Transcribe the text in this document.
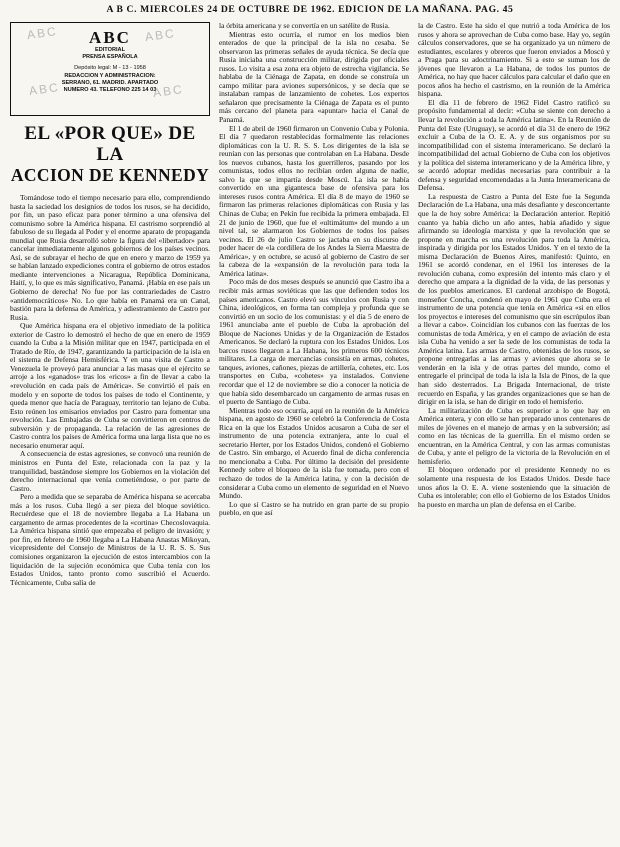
A B C. MIERCOLES 24 DE OCTUBRE DE 1962. EDICION DE LA MAÑANA. PAG. 45
ABC	ABC
ABC	ABC
ABC
EDITORIAL
PRENSA ESPAÑOLA
Depósito legal: M - 13 - 1958
REDACCION Y ADMINISTRACION:
SERRANO, 61. MADRID. APARTADO
NUMERO 43. TELEFONO 225 14 03
EL «POR QUE» DE LA
ACCION DE KENNEDY

Tomándose todo el tiempo necesario para ello, comprendiendo hasta la saciedad los designios de todos los rusos, se ha decidido, por fin, un paso eficaz para poner término a una ofensiva del comunismo sobre la América hispana. El castrismo sorprendió al fabuloso de su llegada al Poder y el enorme aparato de propaganda mundial que Rusia desarrolló sobre la figura del «libertador» para cancelar inmediatamente algunos gobiernos de los países vecinos. Así, se de subrayar el hecho de que en enero y marzo de 1959 ya se habían lanzado expediciones contra el gobierno de otros estados mediante intervenciones a Nicaragua, República Dominicana, Haití, y, lo que es más significativo, Panamá. ¡Había en ese país un Gobierno de derecha! No fue por las contrariedades de Castro «antidemocráticos» No. Lo que había en Panamá era un Canal, bastión para la defensa de América, y adiestramiento de Castro por Rusia.

Que América hispana era el objetivo inmediato de la política exterior de Castro lo demostró el hecho de que en enero de 1959 cuando la Cuba a la Misión militar que en 1947, participada en el Tratado de Río, de 1947, garantizando la participación de la isla en el sistema de Defensa Hemisférica. Y en una visita de Castro a Venezuela le proveyó para anunciar a las masas que el ejército se arroje a los «ganados» tras los «ricos» a fin de llevar a cabo la «revolución en cada país de América». Se convirtió el país en modelo y en soporte de todos los países de todo el Continente, y queda menor que hacía de Paraguay, territorio tan lejano de Cuba. Esto reúnen los emisarios enviados por Castro para fomentar una revolución. Las Embajadas de Cuba se convirtieron en centros de subversión y de propaganda. La relación de las agresiones de Castro contra los países de América forma una larga lista que no es necesario enumerar aquí.

A consecuencia de estas agresiones, se convocó una reunión de ministros en Punta del Este, relacionada con la paz y la tranquilidad, bastándose siempre los Gobiernos en la violación del derecho internacional que venía cometiéndose, o por parte de Castro.

Pero a medida que se separaba de América hispana se acercaba más a los rusos. Cuba llegó a ser pieza del bloque soviético. Recuérdese que el 18 de noviembre llegaba a La Habana un cargamento de armas procedentes de la «cortina» Checoslovaquia. La América hispana sintió que empezaba el peligro de invasión; y por fin, en febrero de 1960 llegaba a La Habana Anastas Mikoyan, vicepresidente del Consejo de Ministros de la U. R. S. S. Sus comisiones organizaron la ejecución de estos intercambios con la liquidación de la sujeción económica que Cuba tenía con los Estados Unidos, tanto pronto como suscribió el Acuerdo. Técnicamente, Cuba salía de

la órbita americana y se convertía en un satélite de Rusia.

Mientras esto ocurría, el rumor en los medios bien enterados de que la principal de la isla no cesaba. Se observaron las primeras señales de ayuda técnica. Se decía que Rusia iniciaba una construcción militar, dirigida por oficiales rusos. Lo visita a esa zona era objeto de estrecha vigilancia. Se hablaba de la Ciénaga de Zapata, en donde se construía un campo militar para aviones supersónicos, y se decía que se instalaban rampas de lanzamiento de cohetes. Los expertos señalaron que precisamente la Ciénaga de Zapata es el punto más cercano del planeta para «apuntar» hacia el Canal de Panamá.

El 1 de abril de 1960 firmaron un Convenio Cuba y Polonia. El día 7 quedaron restablecidas formalmente las relaciones diplomáticas con la U. R. S. S. Los dirigentes de la isla se reunían con las personas que controlaban en La Habana. Desde los nuevos cubanos, hasta los guerrilleros, pasando por los comunistas, todos ellos no recibían orden alguna de nadie, salvo la que se impartía desde Moscú. La isla se había convertido en una gigantesca base de ofensiva para los intereses rusos contra América. El día 8 de mayo de 1960 se firmaron las primeras relaciones diplomáticas con Rusia y las Chinas de Cuba; en Pekín fue recibida la primera embajada. El 21 de junio de 1960, que fue el «ultimátum» del mundo a un nivel tal, se alarmaron los Gobiernos de todos los países vecinos. El 26 de julio Castro se jactaba en su discurso de poder hacer de «la cordillera de los Andes la Sierra Maestra de América», y en octubre, se acusó al gobierno de Castro de ser la cabeza de la «expansión de la revolución para toda la América latina».

Poco más de dos meses después se anunció que Castro iba a recibir más armas soviéticas que las que defienden todos los países americanos. Castro elevó sus vínculos con Rusia y con China, ideológicos, en forma tan compleja y profunda que se convirtió en un socio de los comunistas: y el día 5 de enero de 1961 anunciaba ante el pueblo de Cuba la aprobación del Bloque de Naciones Unidas y de la Organización de Estados Americanos. Se declaró la ruptura con los Estados Unidos. Los barcos rusos llegaron a La Habana, los primeros 600 técnicos militares. La carga de mercancías consistía en armas, cohetes, tanques, aviones, cañones, piezas de artillería, cohetes, etc. Los transportes en Cuba, «cohetes» ya instalados. Conviene recordar que el 12 de noviembre se dio a conocer la noticia de que había sido desembarcado un cargamento de armas rusas en el puerto de Santiago de Cuba.

Mientras todo eso ocurría, aquí en la reunión de la América hispana, en agosto de 1960 se celebró la Conferencia de Costa Rica en la que los Estados Unidos acusaron a Cuba de ser el instrumento de una potencia extranjera, ante lo cual el secretario Herter, por los Estados Unidos, condenó el Gobierno de Castro. Sin embargo, el Acuerdo final de dicha conferencia no mencionaba a Cuba. Por último la decisión del presidente Kennedy sobre el bloqueo de la isla fue tomada, pero con el rechazo de todos de la América latina, y con la decisión de considerar a Cuba como un elemento de seguridad en el Nuevo Mundo.

Lo que sí Castro se ha nutrido en gran parte de su propio pueblo, en que así

la de Castro. Este ha sido el que nutrió a toda América de los rusos y ahora se aprovechan de Cuba como base. Hay yo, según cálculos conservadores, que se ha organizado ya un número de estudiantes, escolares y obreros que fueron enviados a Moscú y a Praga para su adoctrinamiento. Si a esto se suman los de jóvenes que llevaron a La Habana, de todos los puntos de América, no hay que hacer cálculos para calcular el daño que en pocos años ha hecho el castrismo, en la reunión de la América hispana.

El día 11 de febrero de 1962 Fidel Castro ratificó su propósito fundamental al decir: «Cuba se siente con derecho a llevar la revolución a toda la América latina». En la Reunión de Punta del Este (Uruguay), se acordó el día 31 de enero de 1962 excluir a Cuba de la O. E. A. y de sus organismos por su incompatibilidad con el sistema interamericano. Se declaró la incompatibilidad del actual Gobierno de Cuba con los objetivos y la política del sistema interamericano y de la América libre, y se acordó adoptar medidas necesarias para contribuir a la defensa y seguridad encomendadas a la Junta Interamericana de Defensa.

La respuesta de Castro a Punta del Este fue la Segunda Declaración de La Habana, una más desafiante y desconcertante que la de hoy sobre América: la Declaración anterior. Repitió cuanto ya había dicho un año antes, había añadido y sigue afirmando su ideología marxista y que la revolución que se propone en marcha es una revolución para toda la América, inspirada y dirigida por los Estados Unidos. Y en el texto de la misma Declaración de Buenos Aires, manifestó: Quinto, en 1961 se acordó condenar, en el 1961 los intereses de la revolución cubana, como expresión del intento más claro y el derecho que ampara a la dignidad de la vida, de las personas y de los pueblos americanos. El cardenal arzobispo de Bogotá, monseñor Concha, condenó en mayo de 1961 que Cuba era el instrumento de una potencia que tenía en América «si en ellos los proyectos e intereses del comunismo que sin escrúpulos iban a llevar a cabo». Coincidían los cubanos con las fuerzas de los comunistas de toda América, y en el campo de aviación de esta isla Cuba ha venido a ser la sede de los comunistas de toda la América latina. Las armas de Castro, obtenidas de los rusos, se propone entregarlas a las armas y aviones que ahora se le venderán en la isla y de otras partes del mundo, como el entregarle el principal de toda la isla la Isla de Pinos, de la que han sido desterrados. La Brigada Internacional, de triste recuerdo en España, y las grandes organizaciones que se han de dirigir en la isla, se han de dirigir en todo el hemisferio.

La militarización de Cuba es superior a lo que hay en América entera, y con ello se han preparado unos centenares de miles de jóvenes en el manejo de armas y en la subversión; así como en las técnicas de la guerrilla. En el mismo orden se encuentran, en la América Central, y con las armas comunistas de Cuba, y ante el peligro de la victoria de la Revolución en el hemisferio.

El bloqueo ordenado por el presidente Kennedy no es solamente una respuesta de los Estados Unidos. Desde hace unos años la O. E. A. viene sosteniendo que la situación de Cuba es intolerable; con ello el Gobierno de los Estados Unidos ha puesto en marcha un plan de defensa en el Caribe.
